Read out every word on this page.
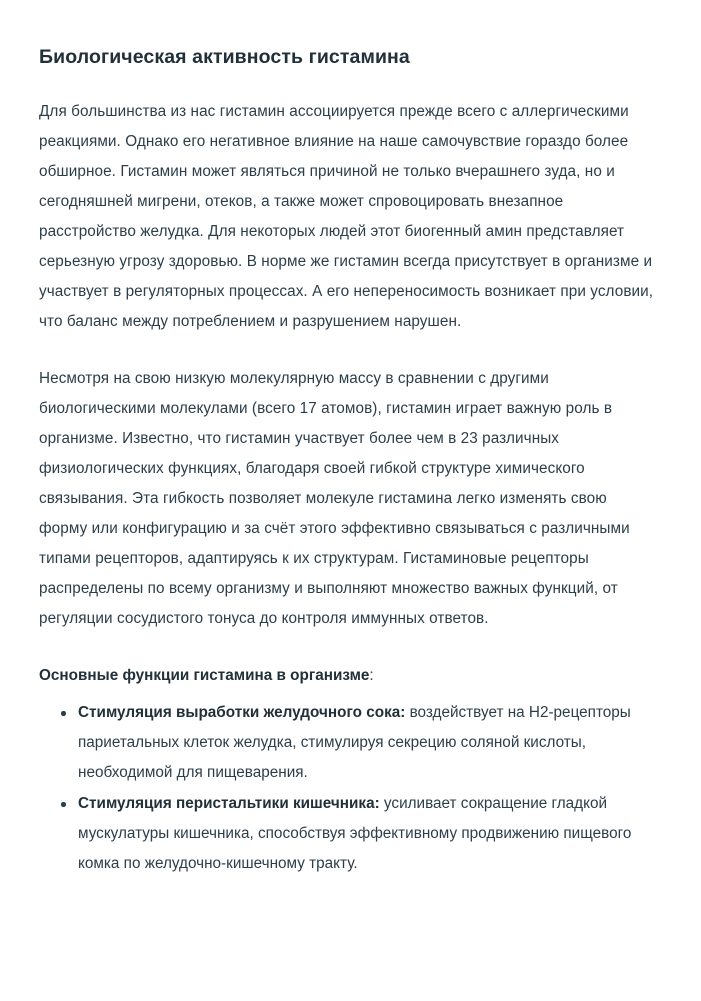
Биологическая активность гистамина

Для большинства из нас гистамин ассоциируется прежде всего с аллергическими реакциями. Однако его негативное влияние на наше самочувствие гораздо более обширное. Гистамин может являться причиной не только вчерашнего зуда, но и сегодняшней мигрени, отеков, а также может спровоцировать внезапное расстройство желудка. Для некоторых людей этот биогенный амин представляет серьезную угрозу здоровью. В норме же гистамин всегда присутствует в организме и участвует в регуляторных процессах. А его непереносимость возникает при условии, что баланс между потреблением и разрушением нарушен.

Несмотря на свою низкую молекулярную массу в сравнении с другими биологическими молекулами (всего 17 атомов), гистамин играет важную роль в организме. Известно, что гистамин участвует более чем в 23 различных физиологических функциях, благодаря своей гибкой структуре химического связывания. Эта гибкость позволяет молекуле гистамина легко изменять свою форму или конфигурацию и за счёт этого эффективно связываться с различными типами рецепторов, адаптируясь к их структурам. Гистаминовые рецепторы распределены по всему организму и выполняют множество важных функций, от регуляции сосудистого тонуса до контроля иммунных ответов.

Основные функции гистамина в организме:

Стимуляция выработки желудочного сока: воздействует на H2-рецепторы париетальных клеток желудка, стимулируя секрецию соляной кислоты, необходимой для пищеварения.
Стимуляция перистальтики кишечника: усиливает сокращение гладкой мускулатуры кишечника, способствуя эффективному продвижению пищевого комка по желудочно-кишечному тракту.
